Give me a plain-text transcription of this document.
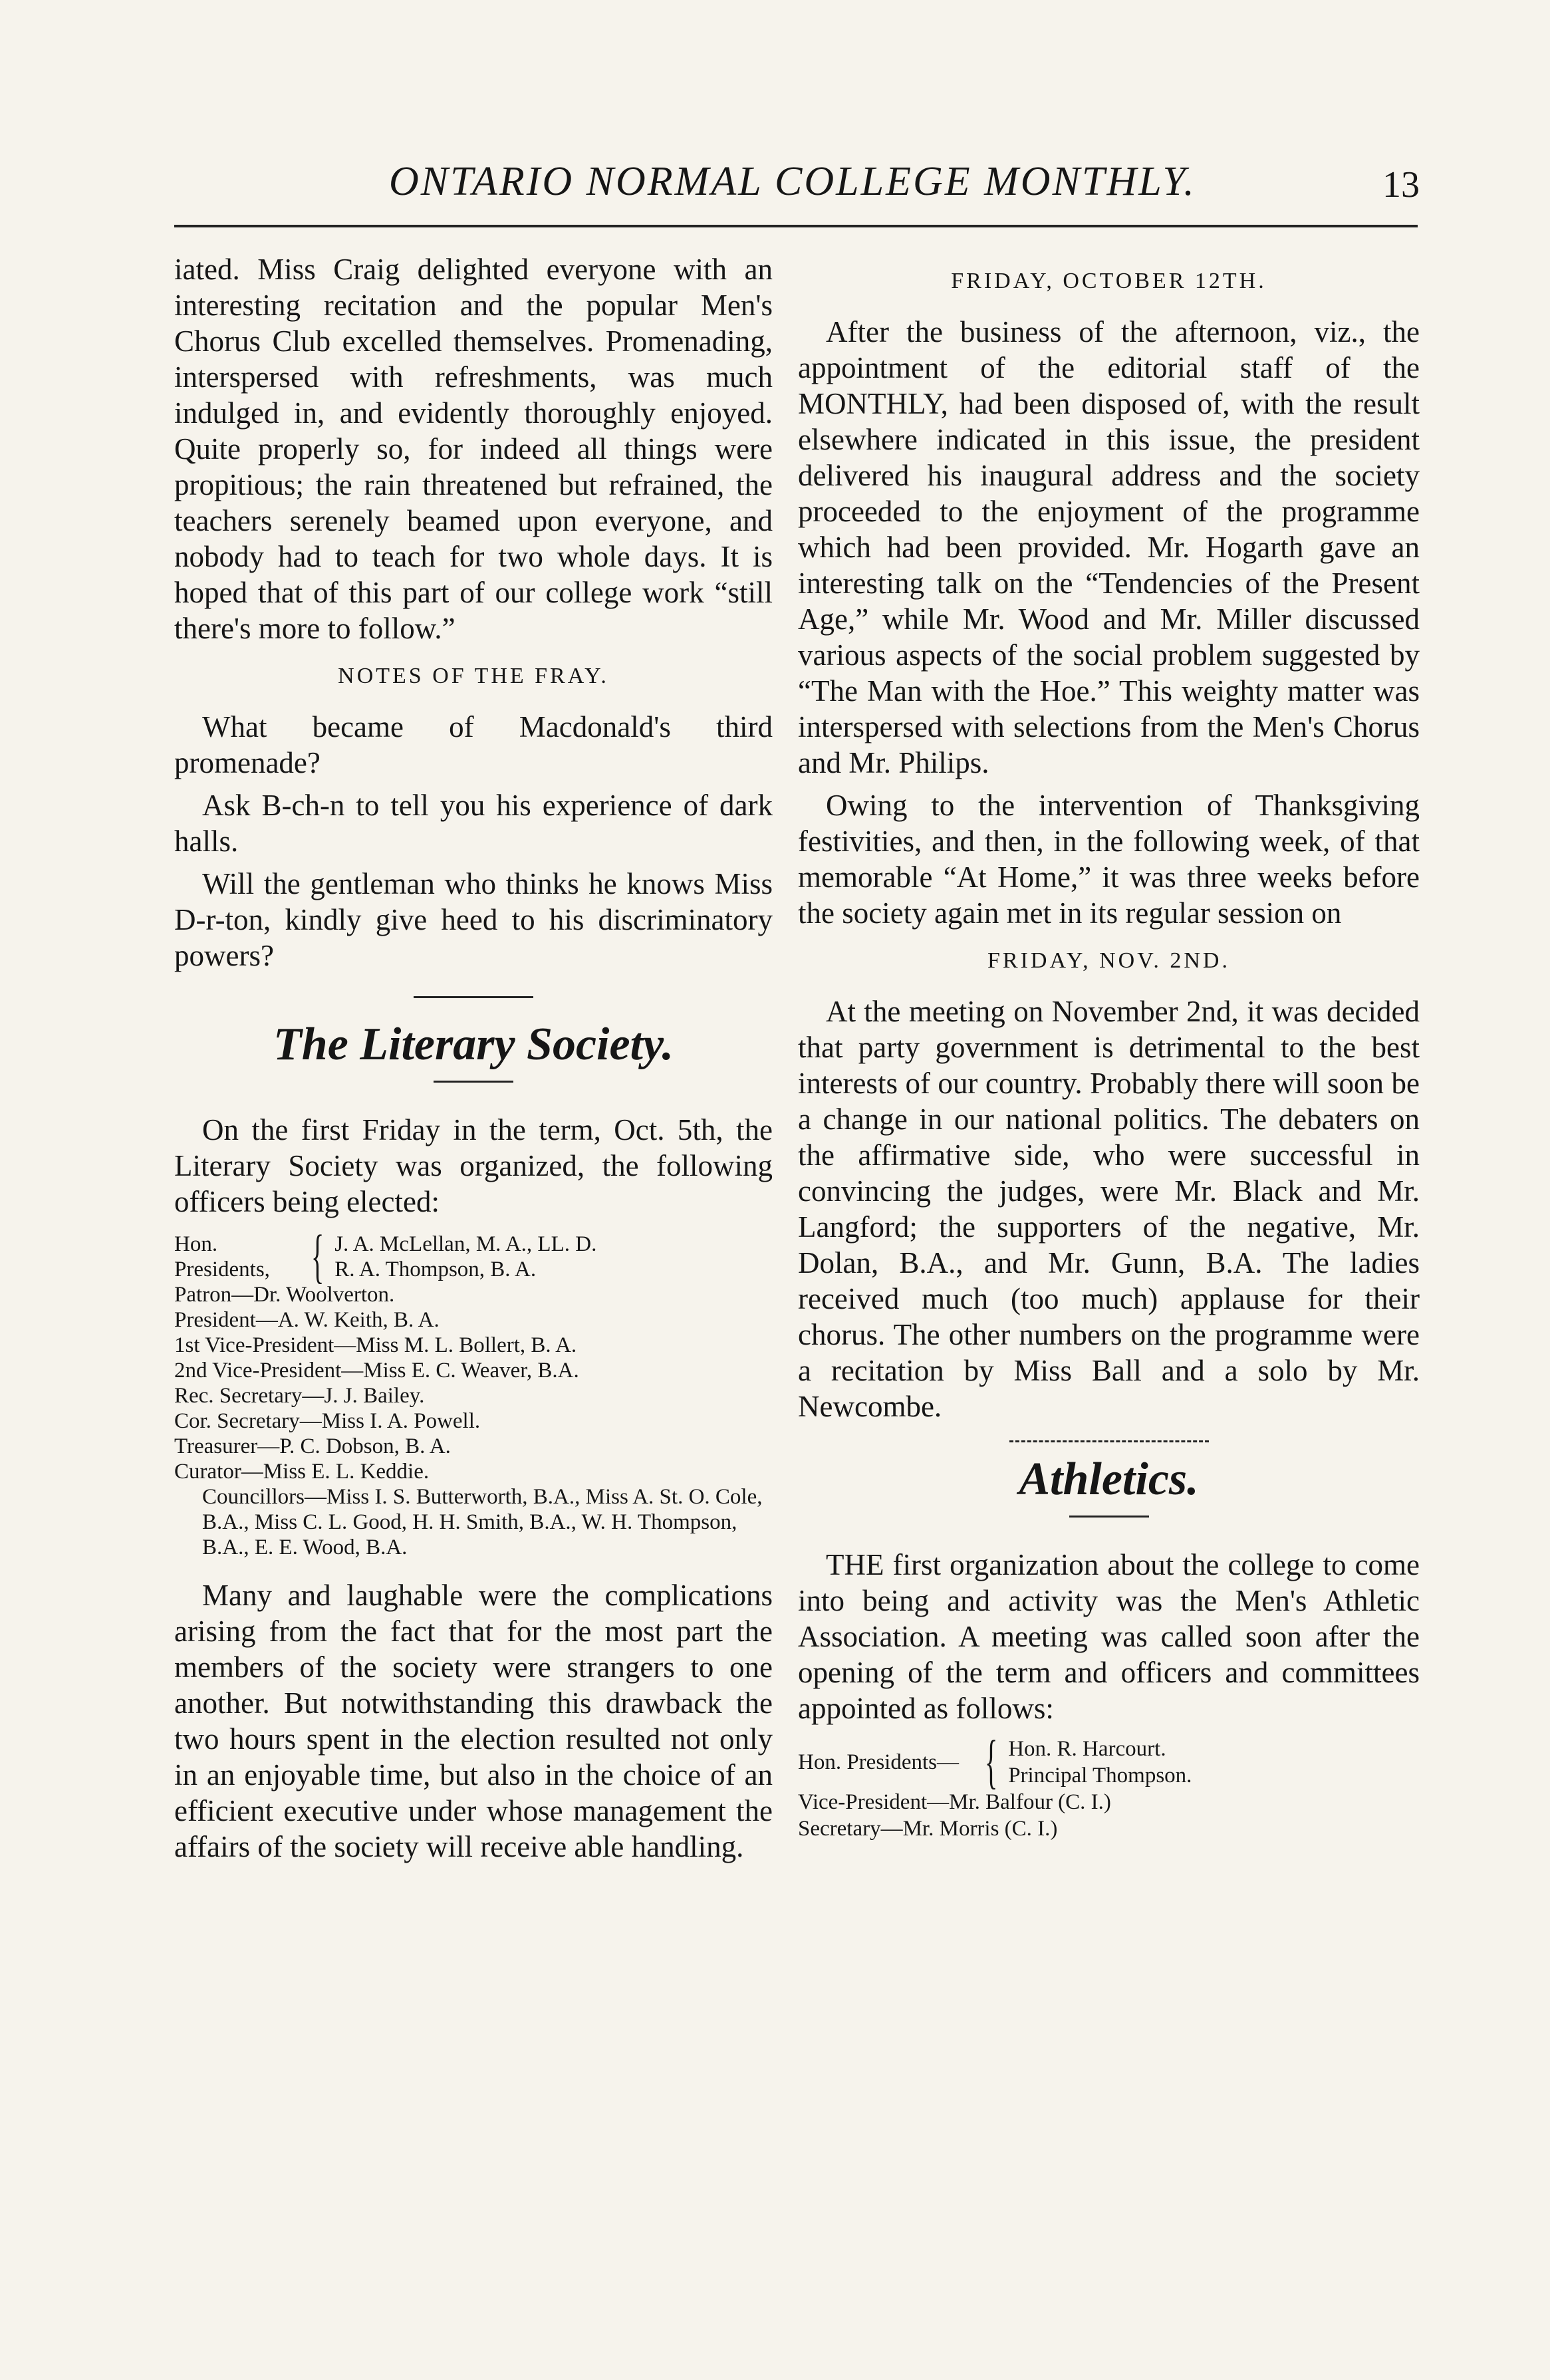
ONTARIO NORMAL COLLEGE MONTHLY.	13

iated. Miss Craig delighted everyone with an interesting recitation and the popular Men's Chorus Club excelled themselves. Promenading, interspersed with refreshments, was much indulged in, and evidently thoroughly enjoyed. Quite properly so, for indeed all things were propitious; the rain threatened but refrained, the teachers serenely beamed upon everyone, and nobody had to teach for two whole days. It is hoped that of this part of our college work “still there's more to follow.”

NOTES OF THE FRAY.

What became of Macdonald's third promenade?

Ask B-ch-n to tell you his experience of dark halls.

Will the gentleman who thinks he knows Miss D-r-ton, kindly give heed to his discriminatory powers?

The Literary Society.

On the first Friday in the term, Oct. 5th, the Literary Society was organized, the following officers being elected:

Hon. Presidents, { J. A. McLellan, M. A., LL. D.
R. A. Thompson, B. A.
Patron—Dr. Woolverton.
President—A. W. Keith, B. A.
1st Vice-President—Miss M. L. Bollert, B. A.
2nd Vice-President—Miss E. C. Weaver, B.A.
Rec. Secretary—J. J. Bailey.
Cor. Secretary—Miss I. A. Powell.
Treasurer—P. C. Dobson, B. A.
Curator—Miss E. L. Keddie.
Councillors—Miss I. S. Butterworth, B.A., Miss A. St. O. Cole, B.A., Miss C. L. Good, H. H. Smith, B.A., W. H. Thompson, B.A., E. E. Wood, B.A.

Many and laughable were the complications arising from the fact that for the most part the members of the society were strangers to one another. But notwithstanding this drawback the two hours spent in the election resulted not only in an enjoyable time, but also in the choice of an efficient executive under whose management the affairs of the society will receive able handling.

FRIDAY, OCTOBER 12TH.

After the business of the afternoon, viz., the appointment of the editorial staff of the MONTHLY, had been disposed of, with the result elsewhere indicated in this issue, the president delivered his inaugural address and the society proceeded to the enjoyment of the programme which had been provided. Mr. Hogarth gave an interesting talk on the “Tendencies of the Present Age,” while Mr. Wood and Mr. Miller discussed various aspects of the social problem suggested by “The Man with the Hoe.” This weighty matter was interspersed with selections from the Men's Chorus and Mr. Philips.

Owing to the intervention of Thanksgiving festivities, and then, in the following week, of that memorable “At Home,” it was three weeks before the society again met in its regular session on

FRIDAY, NOV. 2ND.

At the meeting on November 2nd, it was decided that party government is detrimental to the best interests of our country. Probably there will soon be a change in our national politics. The debaters on the affirmative side, who were successful in convincing the judges, were Mr. Black and Mr. Langford; the supporters of the negative, Mr. Dolan, B.A., and Mr. Gunn, B.A. The ladies received much (too much) applause for their chorus. The other numbers on the programme were a recitation by Miss Ball and a solo by Mr. Newcombe.

Athletics.

THE first organization about the college to come into being and activity was the Men's Athletic Association. A meeting was called soon after the opening of the term and officers and committees appointed as follows:

Hon. Presidents— { Hon. R. Harcourt.
Principal Thompson.
Vice-President—Mr. Balfour (C. I.)
Secretary—Mr. Morris (C. I.)
